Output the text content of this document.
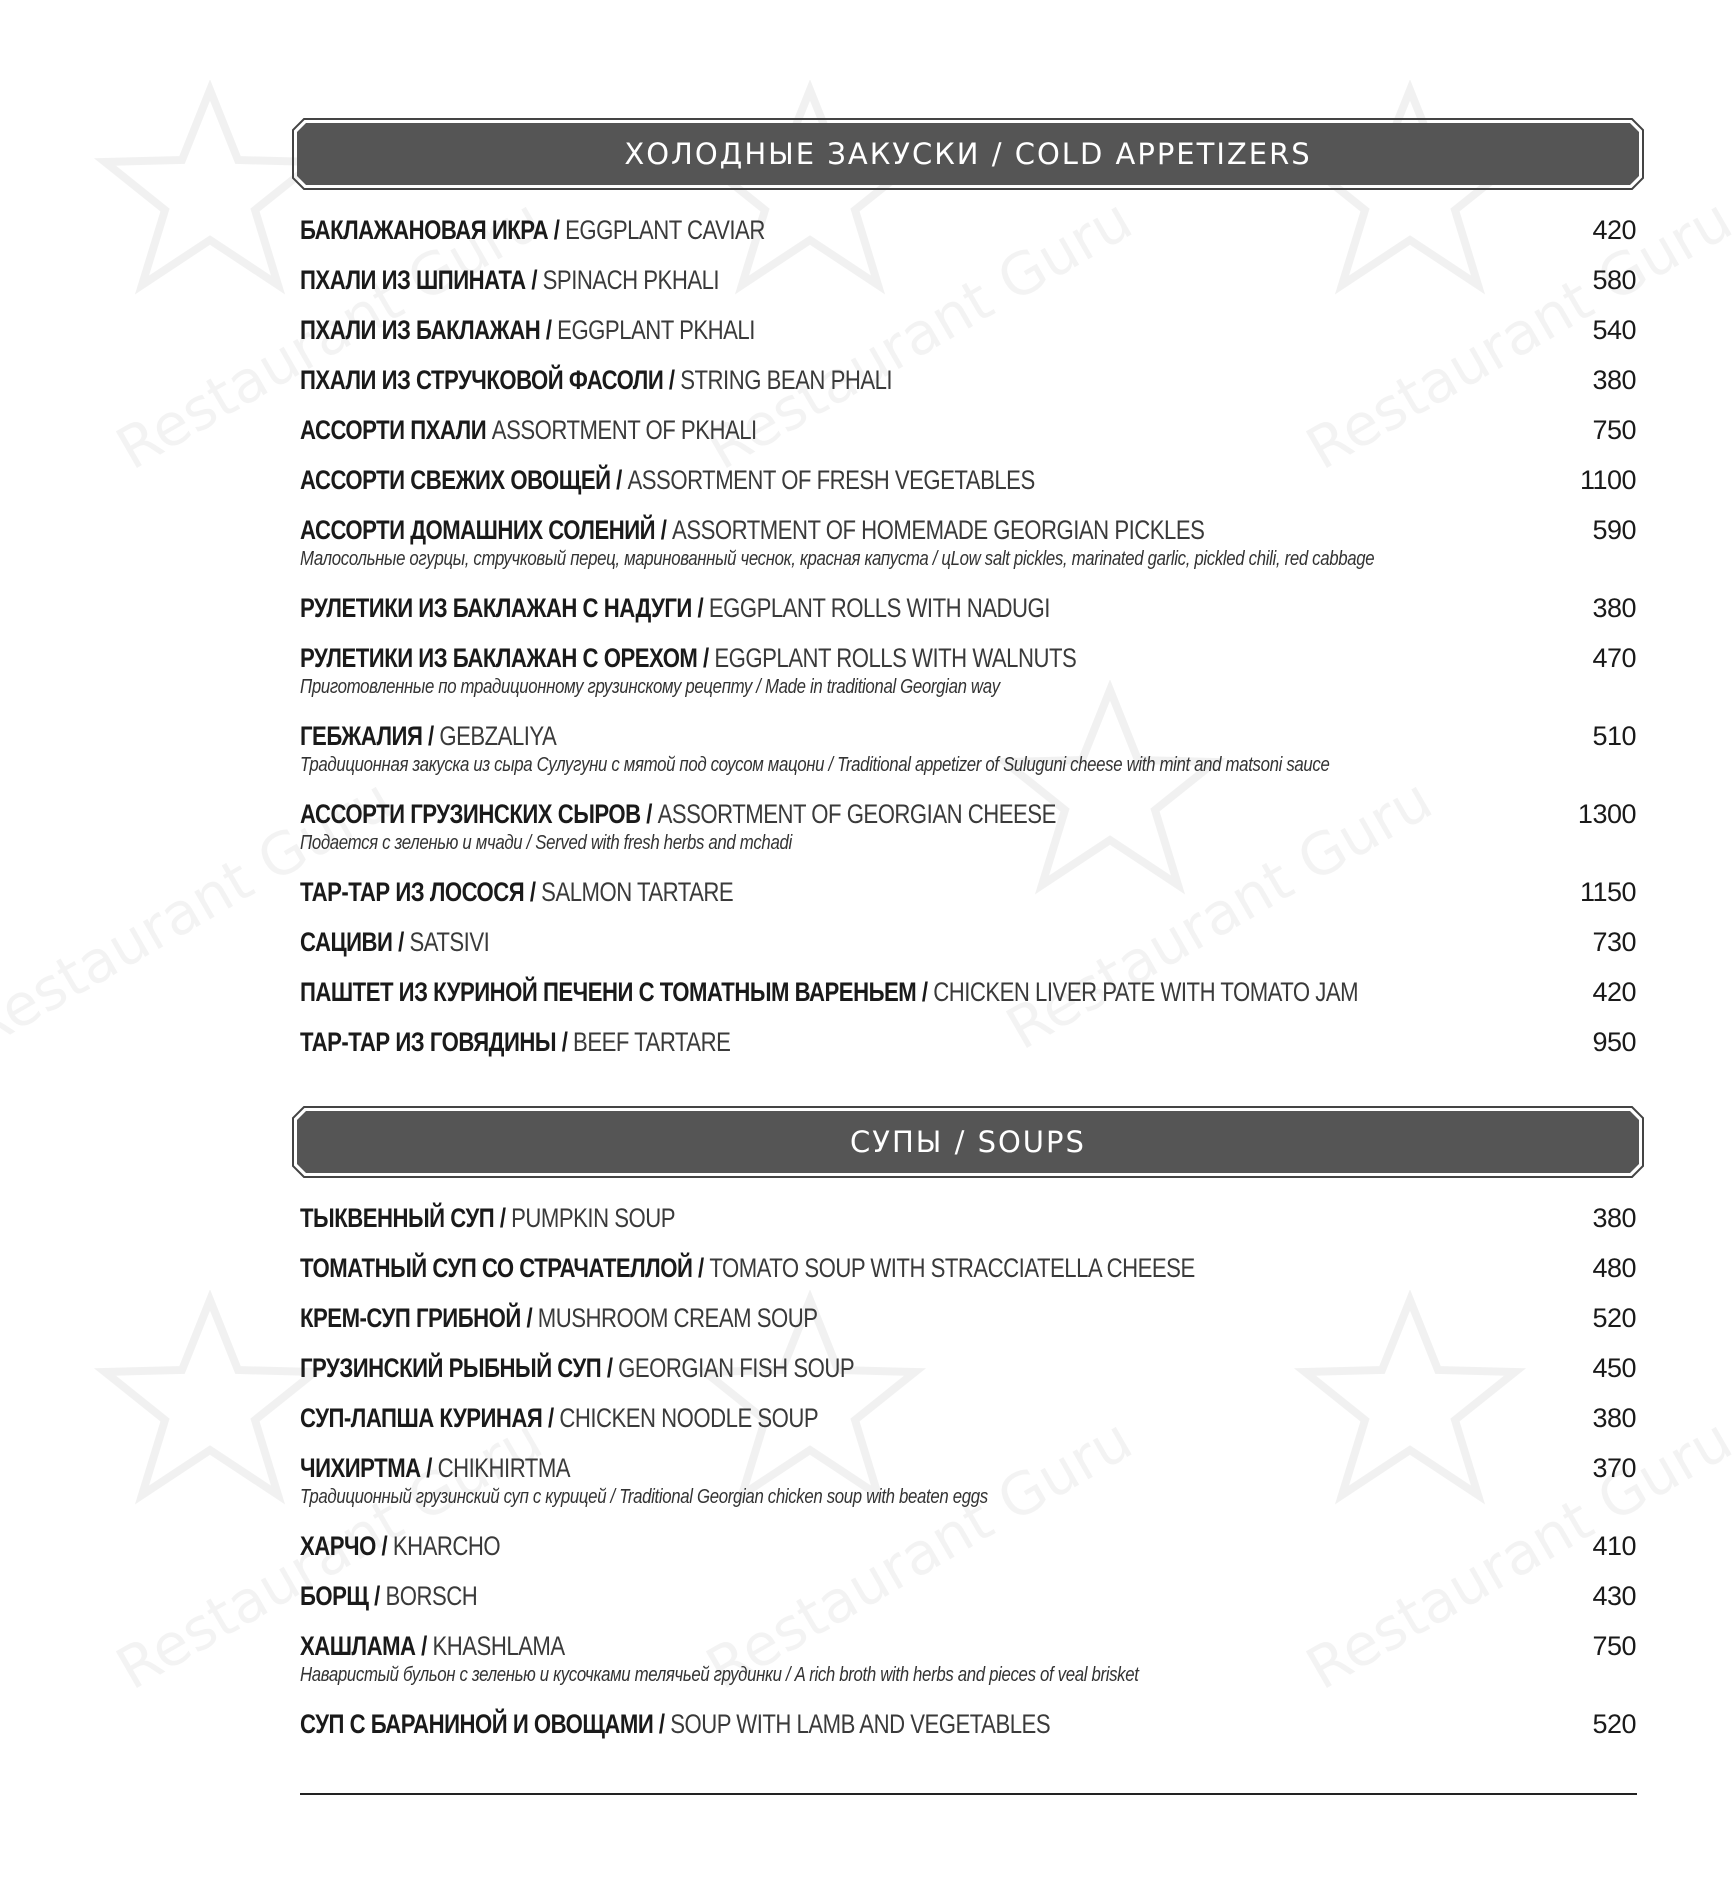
ХОЛОДНЫЕ ЗАКУСКИ / COLD APPETIZERS
БАКЛАЖАНОВАЯ ИКРА / EGGPLANT CAVIAR	420
ПХАЛИ ИЗ ШПИНАТА / SPINACH PKHALI	580
ПХАЛИ ИЗ БАКЛАЖАН / EGGPLANT PKHALI	540
ПХАЛИ ИЗ СТРУЧКОВОЙ ФАСОЛИ / STRING BEAN PHALI	380
АССОРТИ ПХАЛИ ASSORTMENT OF PKHALI	750
АССОРТИ СВЕЖИХ ОВОЩЕЙ / ASSORTMENT OF FRESH VEGETABLES	1100
АССОРТИ ДОМАШНИХ СОЛЕНИЙ / ASSORTMENT OF HOMEMADE GEORGIAN PICKLES	590
Малосольные огурцы, стручковый перец, маринованный чеснок, красная капуста / цLow salt pickles, marinated garlic, pickled chili, red cabbage
РУЛЕТИКИ ИЗ БАКЛАЖАН С НАДУГИ / EGGPLANT ROLLS WITH NADUGI	380
РУЛЕТИКИ ИЗ БАКЛАЖАН С ОРЕХОМ / EGGPLANT ROLLS WITH WALNUTS	470
Приготовленные по традиционному грузинскому рецепту / Made in traditional Georgian way
ГЕБЖАЛИЯ / GEBZALIYA	510
Традиционная закуска из сыра Сулугуни с мятой под соусом мацони / Traditional appetizer of Suluguni cheese with mint and matsoni sauce
АССОРТИ ГРУЗИНСКИХ СЫРОВ / ASSORTMENT OF GEORGIAN CHEESE	1300
Подается с зеленью и мчади / Served with fresh herbs and mchadi
ТАР-ТАР ИЗ ЛОСОСЯ / SALMON TARTARE	1150
САЦИВИ / SATSIVI	730
ПАШТЕТ ИЗ КУРИНОЙ ПЕЧЕНИ С ТОМАТНЫМ ВАРЕНЬЕМ / CHICKEN LIVER PATE WITH TOMATO JAM	420
ТАР-ТАР ИЗ ГОВЯДИНЫ / BEEF TARTARE	950
СУПЫ / SOUPS
ТЫКВЕННЫЙ СУП / PUMPKIN SOUP	380
ТОМАТНЫЙ СУП СО СТРАЧАТЕЛЛОЙ / TOMATO SOUP WITH STRACCIATELLA CHEESE	480
КРЕМ-СУП ГРИБНОЙ / MUSHROOM CREAM SOUP	520
ГРУЗИНСКИЙ РЫБНЫЙ СУП / GEORGIAN FISH SOUP	450
СУП-ЛАПША КУРИНАЯ / CHICKEN NOODLE SOUP	380
ЧИХИРТМА / CHIKHIRTMA	370
Традиционный грузинский суп с курицей / Traditional Georgian chicken soup with beaten eggs
ХАРЧО / KHARCHO	410
БОРЩ / BORSCH	430
ХАШЛАМА / KHASHLAMA	750
Наваристый бульон с зеленью и кусочками телячьей грудинки / A rich broth with herbs and pieces of veal brisket
СУП С БАРАНИНОЙ И ОВОЩАМИ / SOUP WITH LAMB AND VEGETABLES	520
